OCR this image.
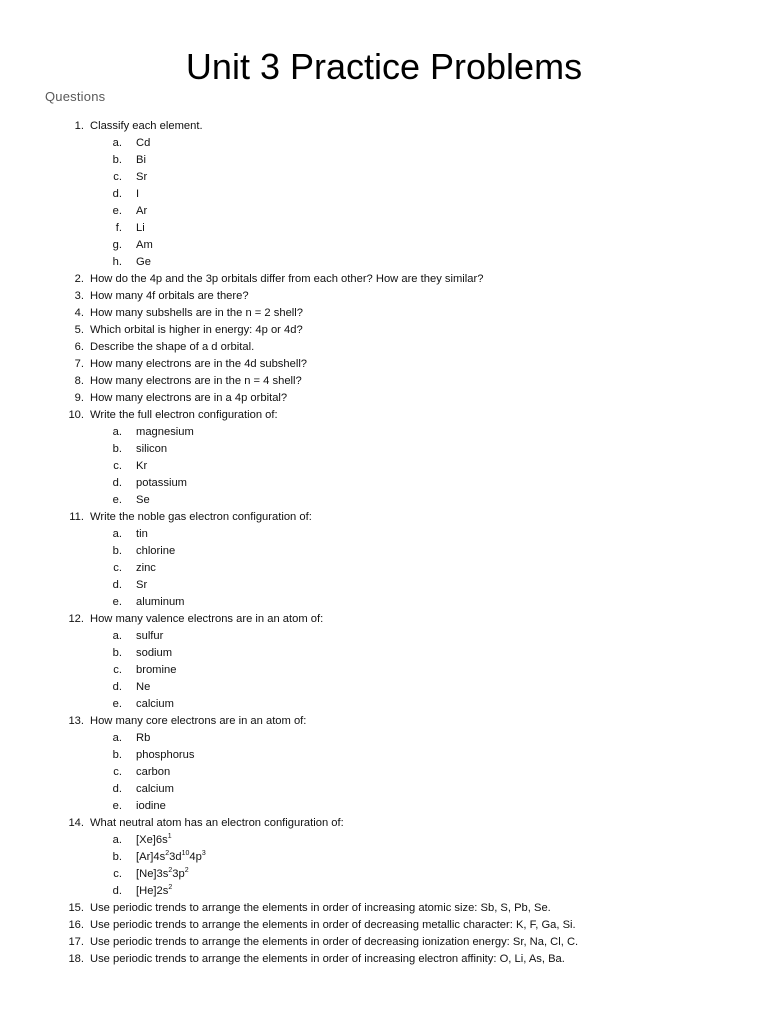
Unit 3 Practice Problems
Questions
1. Classify each element.
a. Cd
b. Bi
c. Sr
d. I
e. Ar
f. Li
g. Am
h. Ge
2. How do the 4p and the 3p orbitals differ from each other? How are they similar?
3. How many 4f orbitals are there?
4. How many subshells are in the n = 2 shell?
5. Which orbital is higher in energy: 4p or 4d?
6. Describe the shape of a d orbital.
7. How many electrons are in the 4d subshell?
8. How many electrons are in the n = 4 shell?
9. How many electrons are in a 4p orbital?
10. Write the full electron configuration of:
a. magnesium
b. silicon
c. Kr
d. potassium
e. Se
11. Write the noble gas electron configuration of:
a. tin
b. chlorine
c. zinc
d. Sr
e. aluminum
12. How many valence electrons are in an atom of:
a. sulfur
b. sodium
c. bromine
d. Ne
e. calcium
13. How many core electrons are in an atom of:
a. Rb
b. phosphorus
c. carbon
d. calcium
e. iodine
14. What neutral atom has an electron configuration of:
a. $[Xe]6s^1$
b. $[Ar]4s^23d^{10}4p^3$
c. $[Ne]3s^23p^2$
d. $[He]2s^2$
15. Use periodic trends to arrange the elements in order of increasing atomic size: Sb, S, Pb, Se.
16. Use periodic trends to arrange the elements in order of decreasing metallic character: K, F, Ga, Si.
17. Use periodic trends to arrange the elements in order of decreasing ionization energy: Sr, Na, Cl, C.
18. Use periodic trends to arrange the elements in order of increasing electron affinity: O, Li, As, Ba.
